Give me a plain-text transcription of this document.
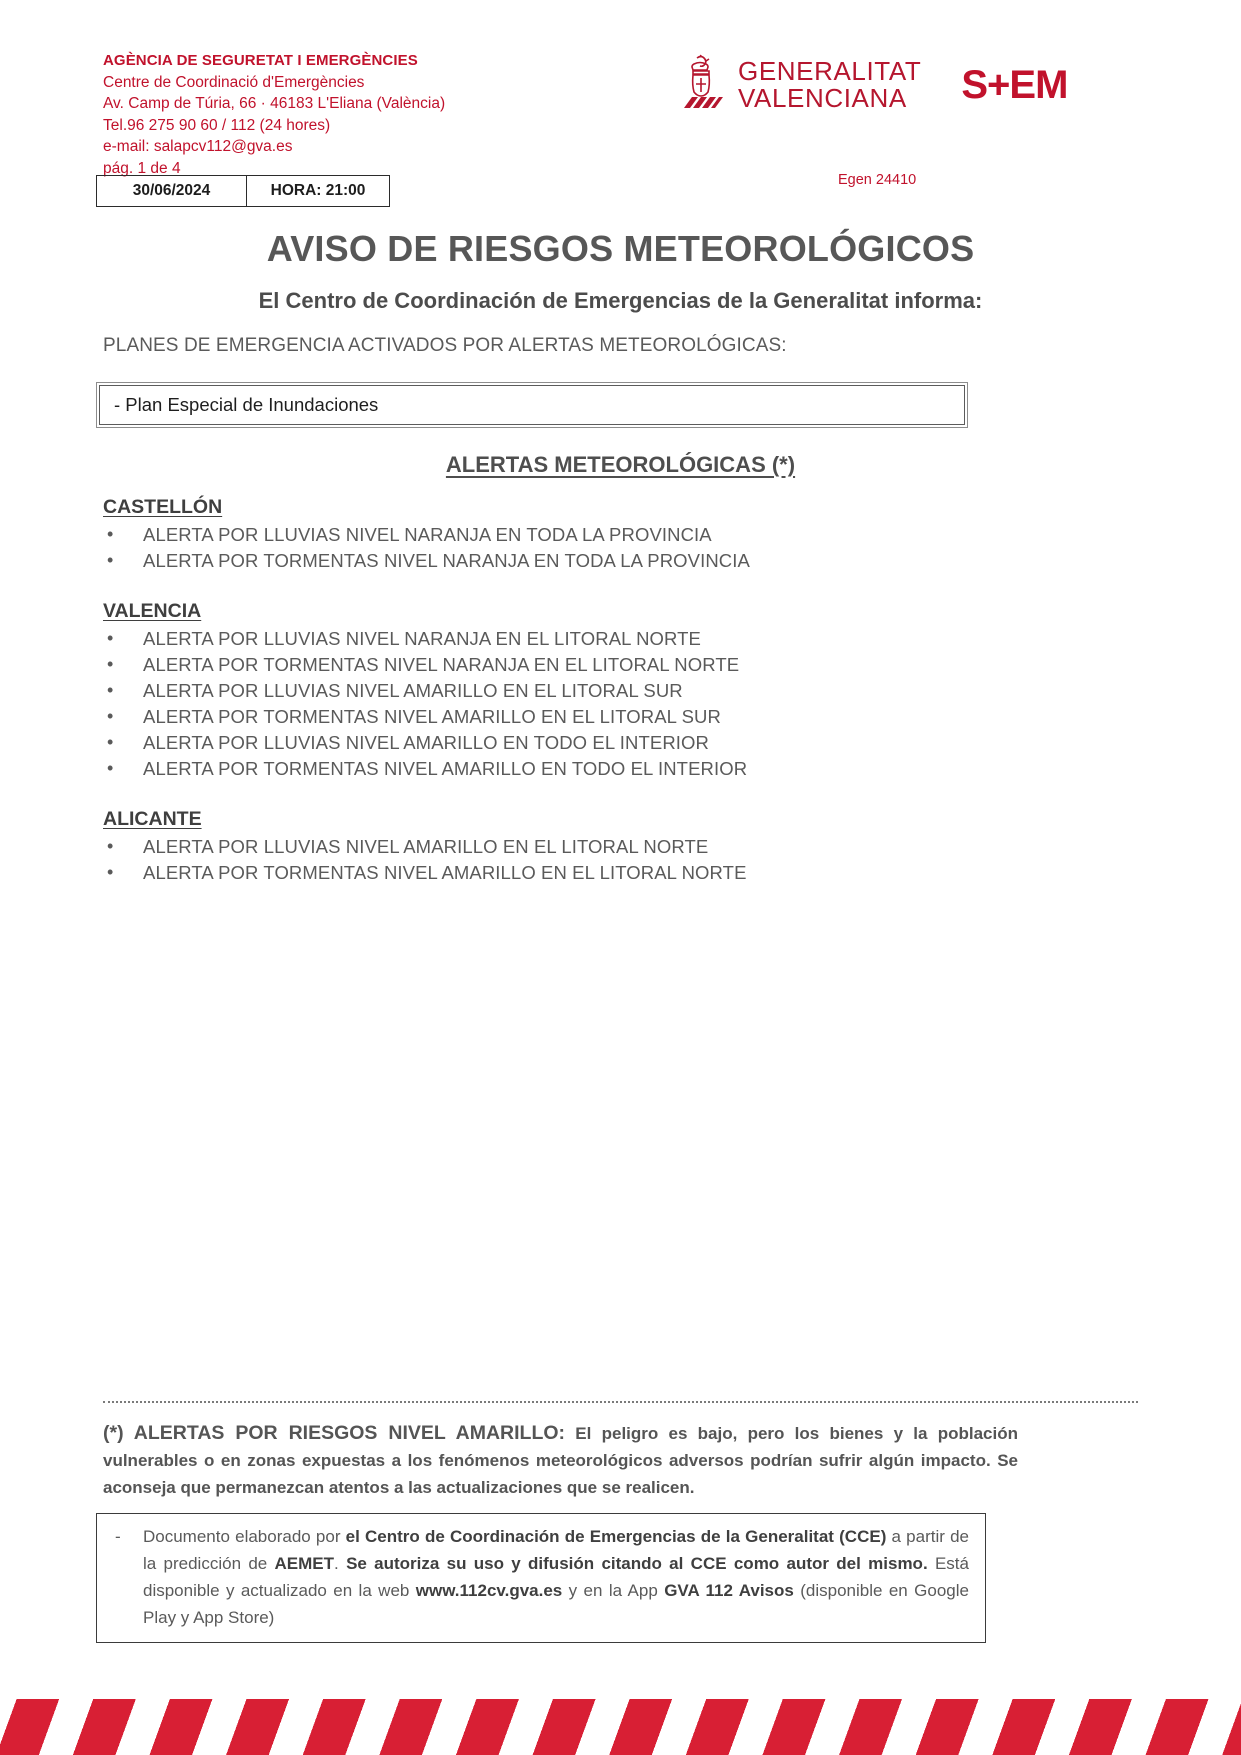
AGÈNCIA DE SEGURETAT I EMERGÈNCIES
Centre de Coordinació d'Emergències
Av. Camp de Túria, 66 · 46183 L'Eliana (València)
Tel.96 275 90 60 / 112 (24 hores)
e-mail: salapcv112@gva.es
pág. 1 de 4
GENERALITAT
VALENCIANA	S+EM
Egen 24410
30/06/2024	HORA: 21:00
AVISO DE RIESGOS METEOROLÓGICOS
El Centro de Coordinación de Emergencias de la Generalitat informa:
PLANES DE EMERGENCIA ACTIVADOS POR ALERTAS METEOROLÓGICAS:
- Plan Especial de Inundaciones
ALERTAS METEOROLÓGICAS (*)
CASTELLÓN
• ALERTA POR LLUVIAS NIVEL NARANJA EN TODA LA PROVINCIA
• ALERTA POR TORMENTAS NIVEL NARANJA EN TODA LA PROVINCIA
VALENCIA
• ALERTA POR LLUVIAS NIVEL NARANJA EN EL LITORAL NORTE
• ALERTA POR TORMENTAS NIVEL NARANJA EN EL LITORAL NORTE
• ALERTA POR LLUVIAS NIVEL AMARILLO EN EL LITORAL SUR
• ALERTA POR TORMENTAS NIVEL AMARILLO EN EL LITORAL SUR
• ALERTA POR LLUVIAS NIVEL AMARILLO EN TODO EL INTERIOR
• ALERTA POR TORMENTAS NIVEL AMARILLO EN TODO EL INTERIOR
ALICANTE
• ALERTA POR LLUVIAS NIVEL AMARILLO EN EL LITORAL NORTE
• ALERTA POR TORMENTAS NIVEL AMARILLO EN EL LITORAL NORTE
(*) ALERTAS POR RIESGOS NIVEL AMARILLO: El peligro es bajo, pero los bienes y la población vulnerables o en zonas expuestas a los fenómenos meteorológicos adversos podrían sufrir algún impacto. Se aconseja que permanezcan atentos a las actualizaciones que se realicen.
-	Documento elaborado por el Centro de Coordinación de Emergencias de la Generalitat (CCE) a partir de la predicción de AEMET. Se autoriza su uso y difusión citando al CCE como autor del mismo. Está disponible y actualizado en la web www.112cv.gva.es y en la App GVA 112 Avisos (disponible en Google Play y App Store)
